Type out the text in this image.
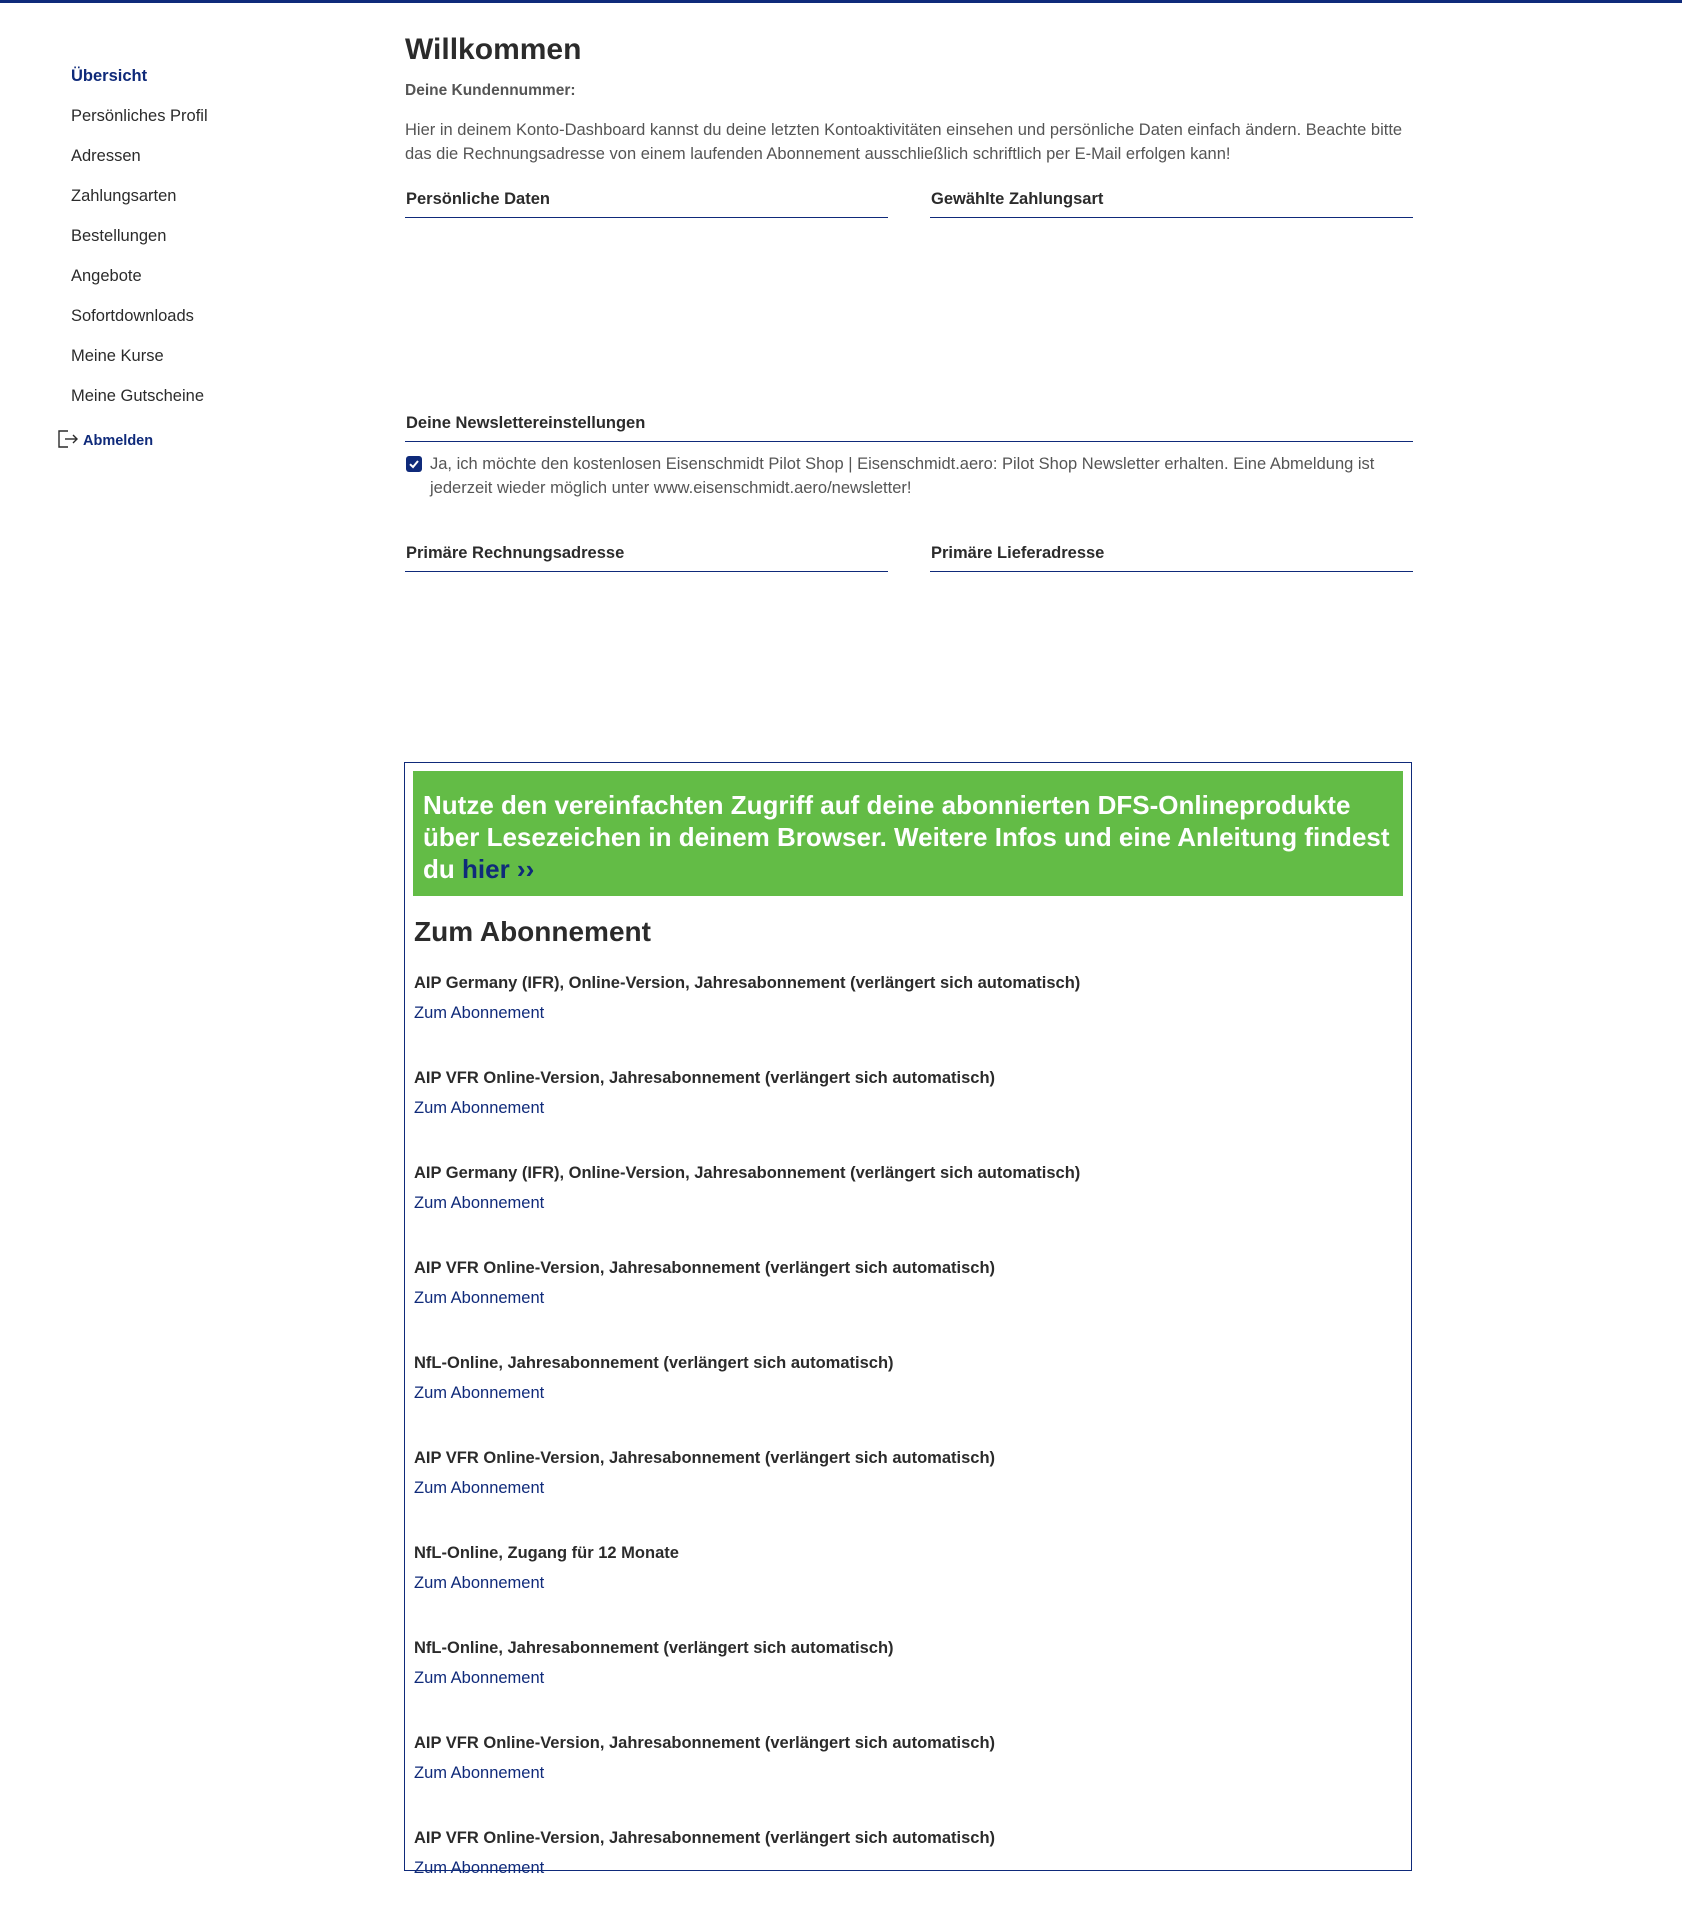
Übersicht
Persönliches Profil
Adressen
Zahlungsarten
Bestellungen
Angebote
Sofortdownloads
Meine Kurse
Meine Gutscheine
Abmelden
Willkommen
Deine Kundennummer:
Hier in deinem Konto-Dashboard kannst du deine letzten Kontoaktivitäten einsehen und persönliche Daten einfach ändern. Beachte bitte das die Rechnungsadresse von einem laufenden Abonnement ausschließlich schriftlich per E-Mail erfolgen kann!
Persönliche Daten	Gewählte Zahlungsart
Deine Newslettereinstellungen
Ja, ich möchte den kostenlosen Eisenschmidt Pilot Shop | Eisenschmidt.aero: Pilot Shop Newsletter erhalten. Eine Abmeldung ist jederzeit wieder möglich unter www.eisenschmidt.aero/newsletter!
Primäre Rechnungsadresse	Primäre Lieferadresse
Nutze den vereinfachten Zugriff auf deine abonnierten DFS-Onlineprodukte über Lesezeichen in deinem Browser. Weitere Infos und eine Anleitung findest du hier ››
Zum Abonnement
AIP Germany (IFR), Online-Version, Jahresabonnement (verlängert sich automatisch)
Zum Abonnement
AIP VFR Online-Version, Jahresabonnement (verlängert sich automatisch)
Zum Abonnement
AIP Germany (IFR), Online-Version, Jahresabonnement (verlängert sich automatisch)
Zum Abonnement
AIP VFR Online-Version, Jahresabonnement (verlängert sich automatisch)
Zum Abonnement
NfL-Online, Jahresabonnement (verlängert sich automatisch)
Zum Abonnement
AIP VFR Online-Version, Jahresabonnement (verlängert sich automatisch)
Zum Abonnement
NfL-Online, Zugang für 12 Monate
Zum Abonnement
NfL-Online, Jahresabonnement (verlängert sich automatisch)
Zum Abonnement
AIP VFR Online-Version, Jahresabonnement (verlängert sich automatisch)
Zum Abonnement
AIP VFR Online-Version, Jahresabonnement (verlängert sich automatisch)
Zum Abonnement
